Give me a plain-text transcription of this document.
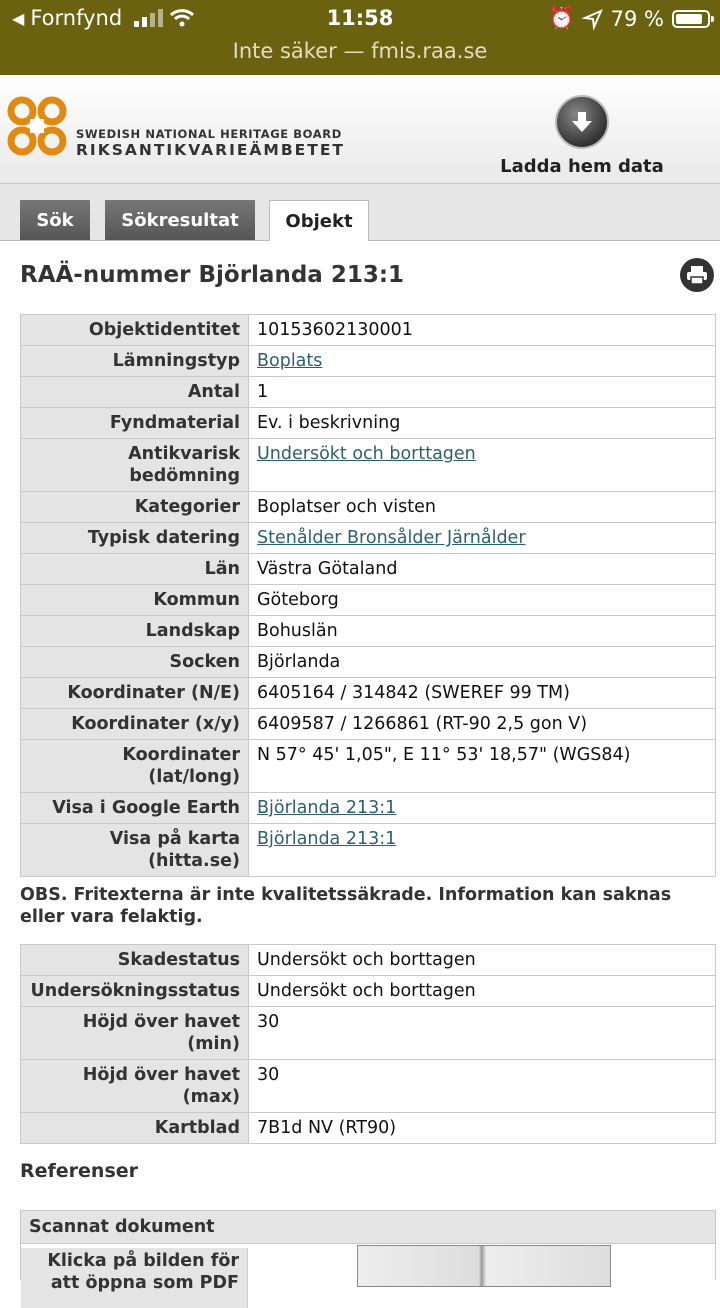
◀ Fornfynd	11:58	⏰ 79 %
Inte säker — fmis.raa.se
SWEDISH NATIONAL HERITAGE BOARD
RIKSANTIKVARIEÄMBETET
Ladda hem data
Sök	Sökresultat	Objekt
RAÄ-nummer Björlanda 213:1
Objektidentitet	10153602130001
Lämningstyp	Boplats
Antal	1
Fyndmaterial	Ev. i beskrivning
Antikvarisk bedömning	Undersökt och borttagen
Kategorier	Boplatser och visten
Typisk datering	Stenålder Bronsålder Järnålder
Län	Västra Götaland
Kommun	Göteborg
Landskap	Bohuslän
Socken	Björlanda
Koordinater (N/E)	6405164 / 314842 (SWEREF 99 TM)
Koordinater (x/y)	6409587 / 1266861 (RT-90 2,5 gon V)
Koordinater (lat/long)	N 57° 45' 1,05", E 11° 53' 18,57" (WGS84)
Visa i Google Earth	Björlanda 213:1
Visa på karta (hitta.se)	Björlanda 213:1
OBS. Fritexterna är inte kvalitetssäkrade. Information kan saknas eller vara felaktig.
Skadestatus	Undersökt och borttagen
Undersökningsstatus	Undersökt och borttagen
Höjd över havet (min)	30
Höjd över havet (max)	30
Kartblad	7B1d NV (RT90)
Referenser
Scannat dokument
Klicka på bilden för att öppna som PDF
